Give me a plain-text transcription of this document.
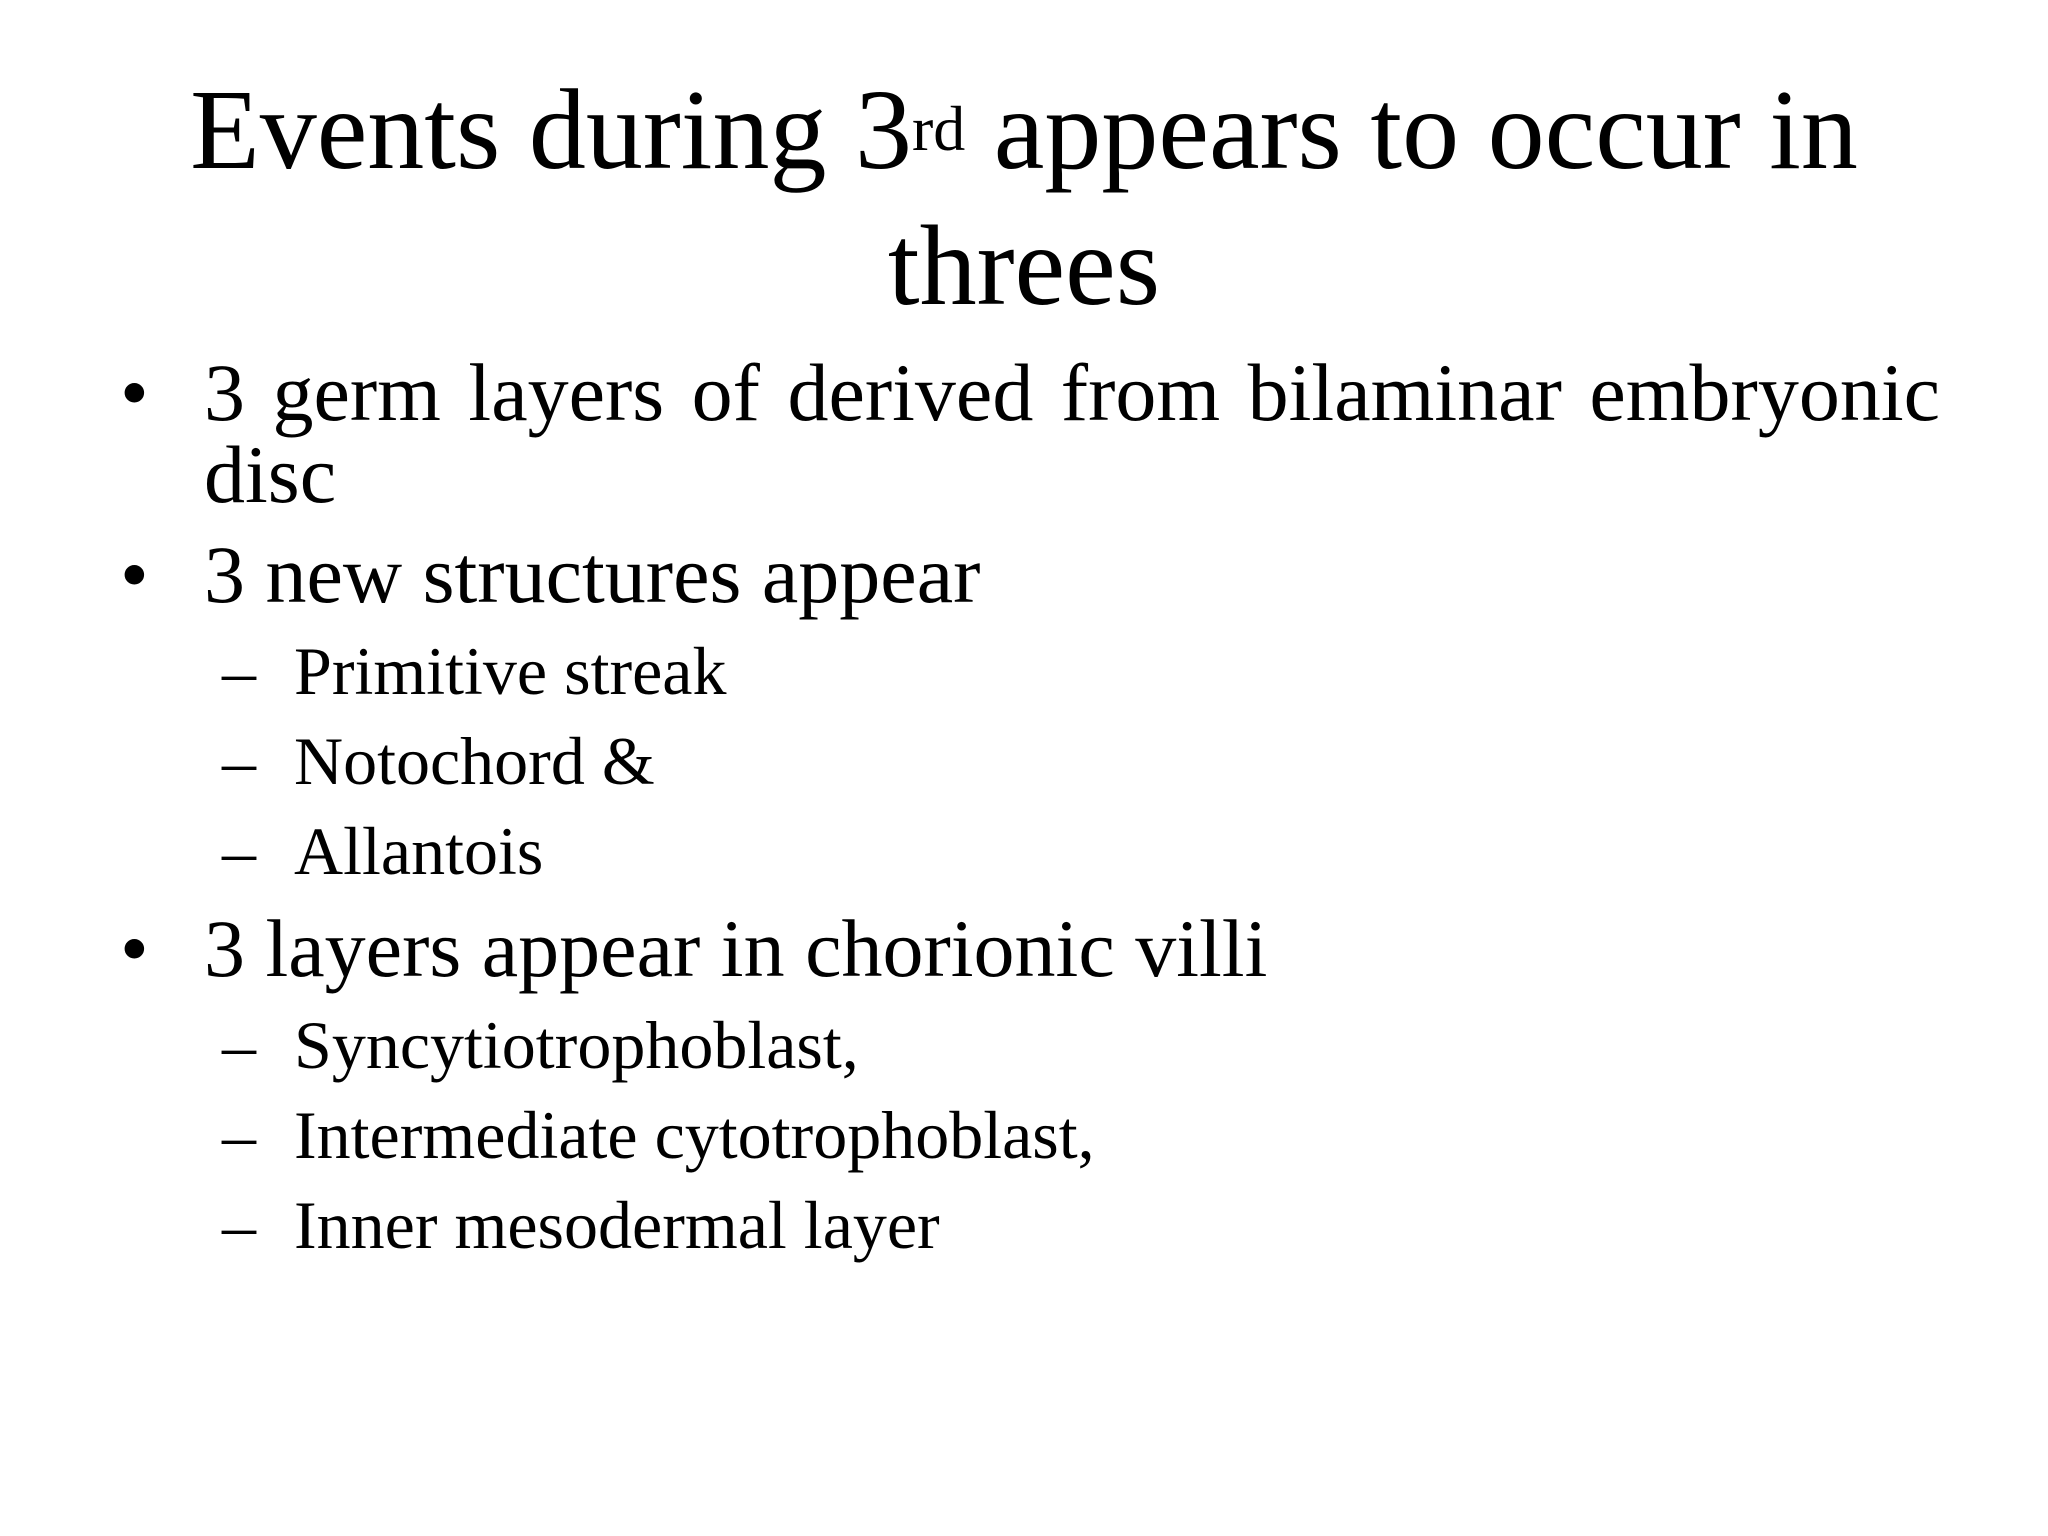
Events during 3rd appears to occur in threes
• 3 germ layers of derived from bilaminar embryonic disc
• 3 new structures appear
– Primitive streak
– Notochord &
– Allantois
• 3 layers appear in chorionic villi
– Syncytiotrophoblast,
– Intermediate cytotrophoblast,
– Inner mesodermal layer
